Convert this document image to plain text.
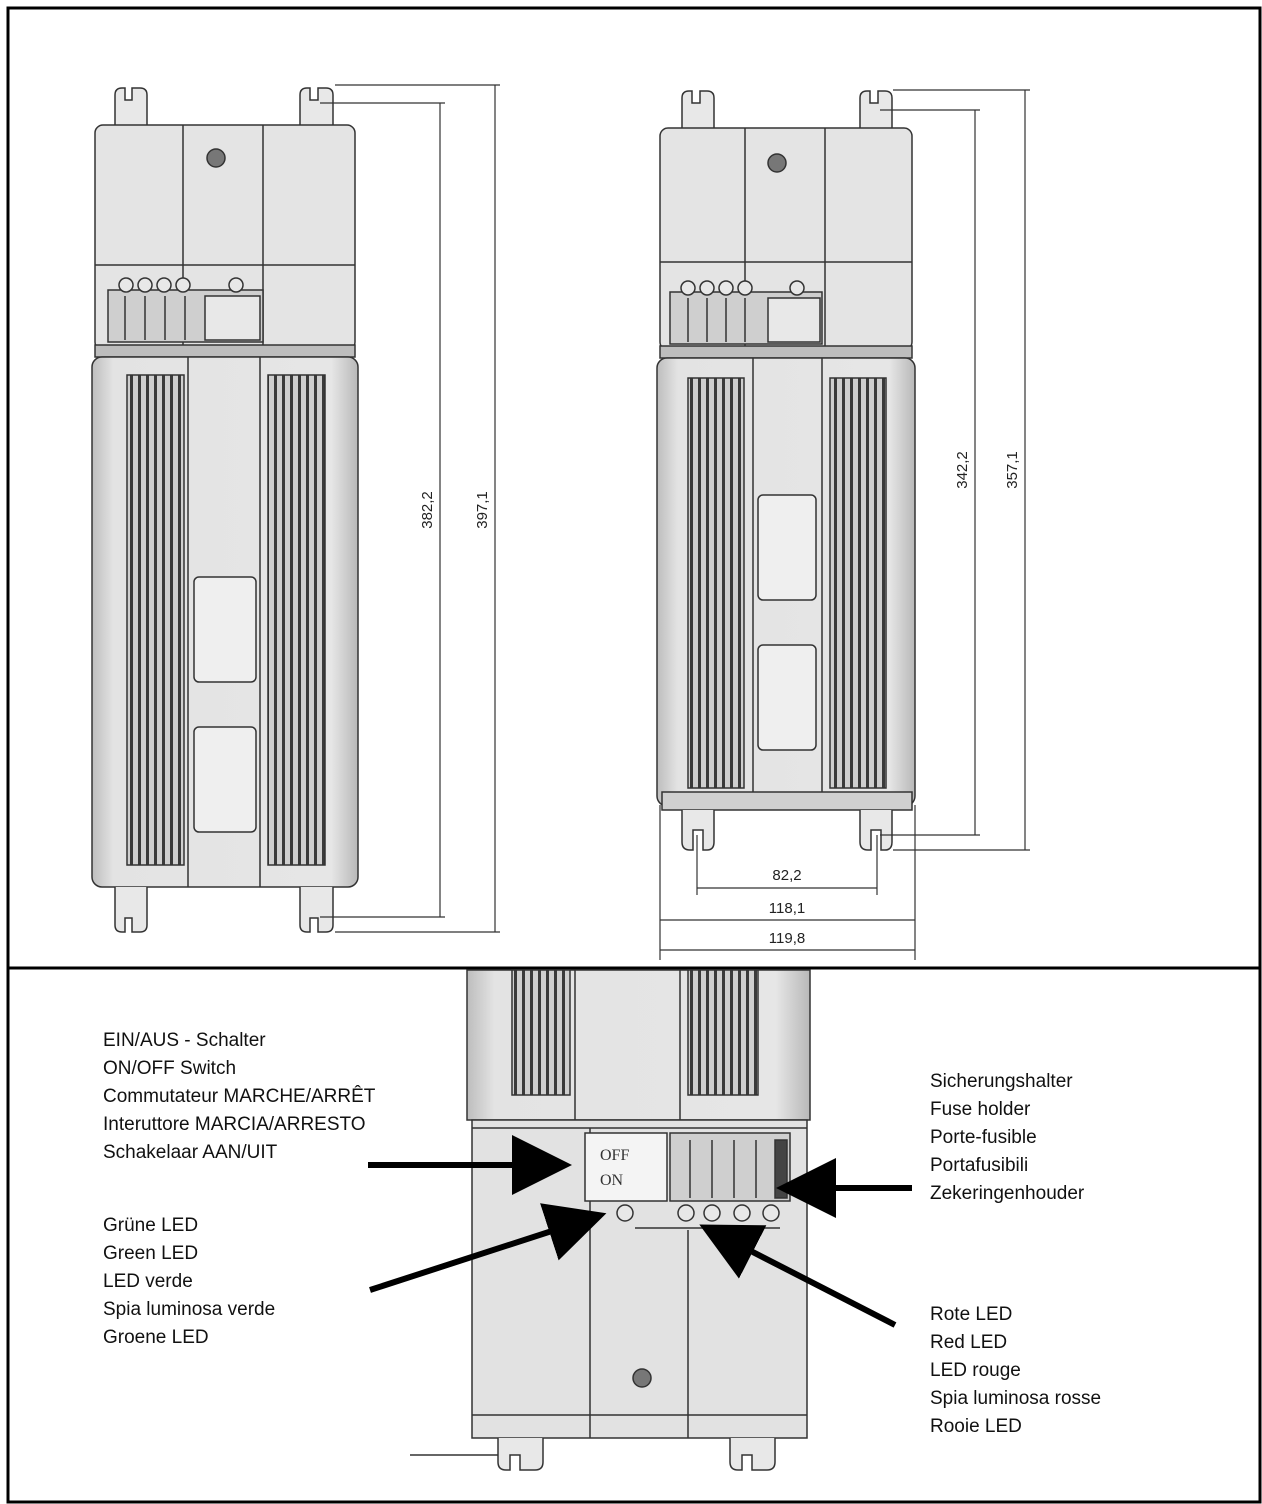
382,2	397,1
342,2 357,1
82,2
118,1
119,8
OFF
ON
EIN/AUS - Schalter
ON/OFF Switch
Commutateur MARCHE/ARRÊT
Interuttore MARCIA/ARRESTO
Schakelaar AAN/UIT
Grüne LED
Green LED
LED verde
Spia luminosa verde
Groene LED
Sicherungshalter
Fuse holder
Porte-fusible
Portafusibili
Zekeringenhouder
Rote LED
Red LED
LED rouge
Spia luminosa rosse
Rooie LED
